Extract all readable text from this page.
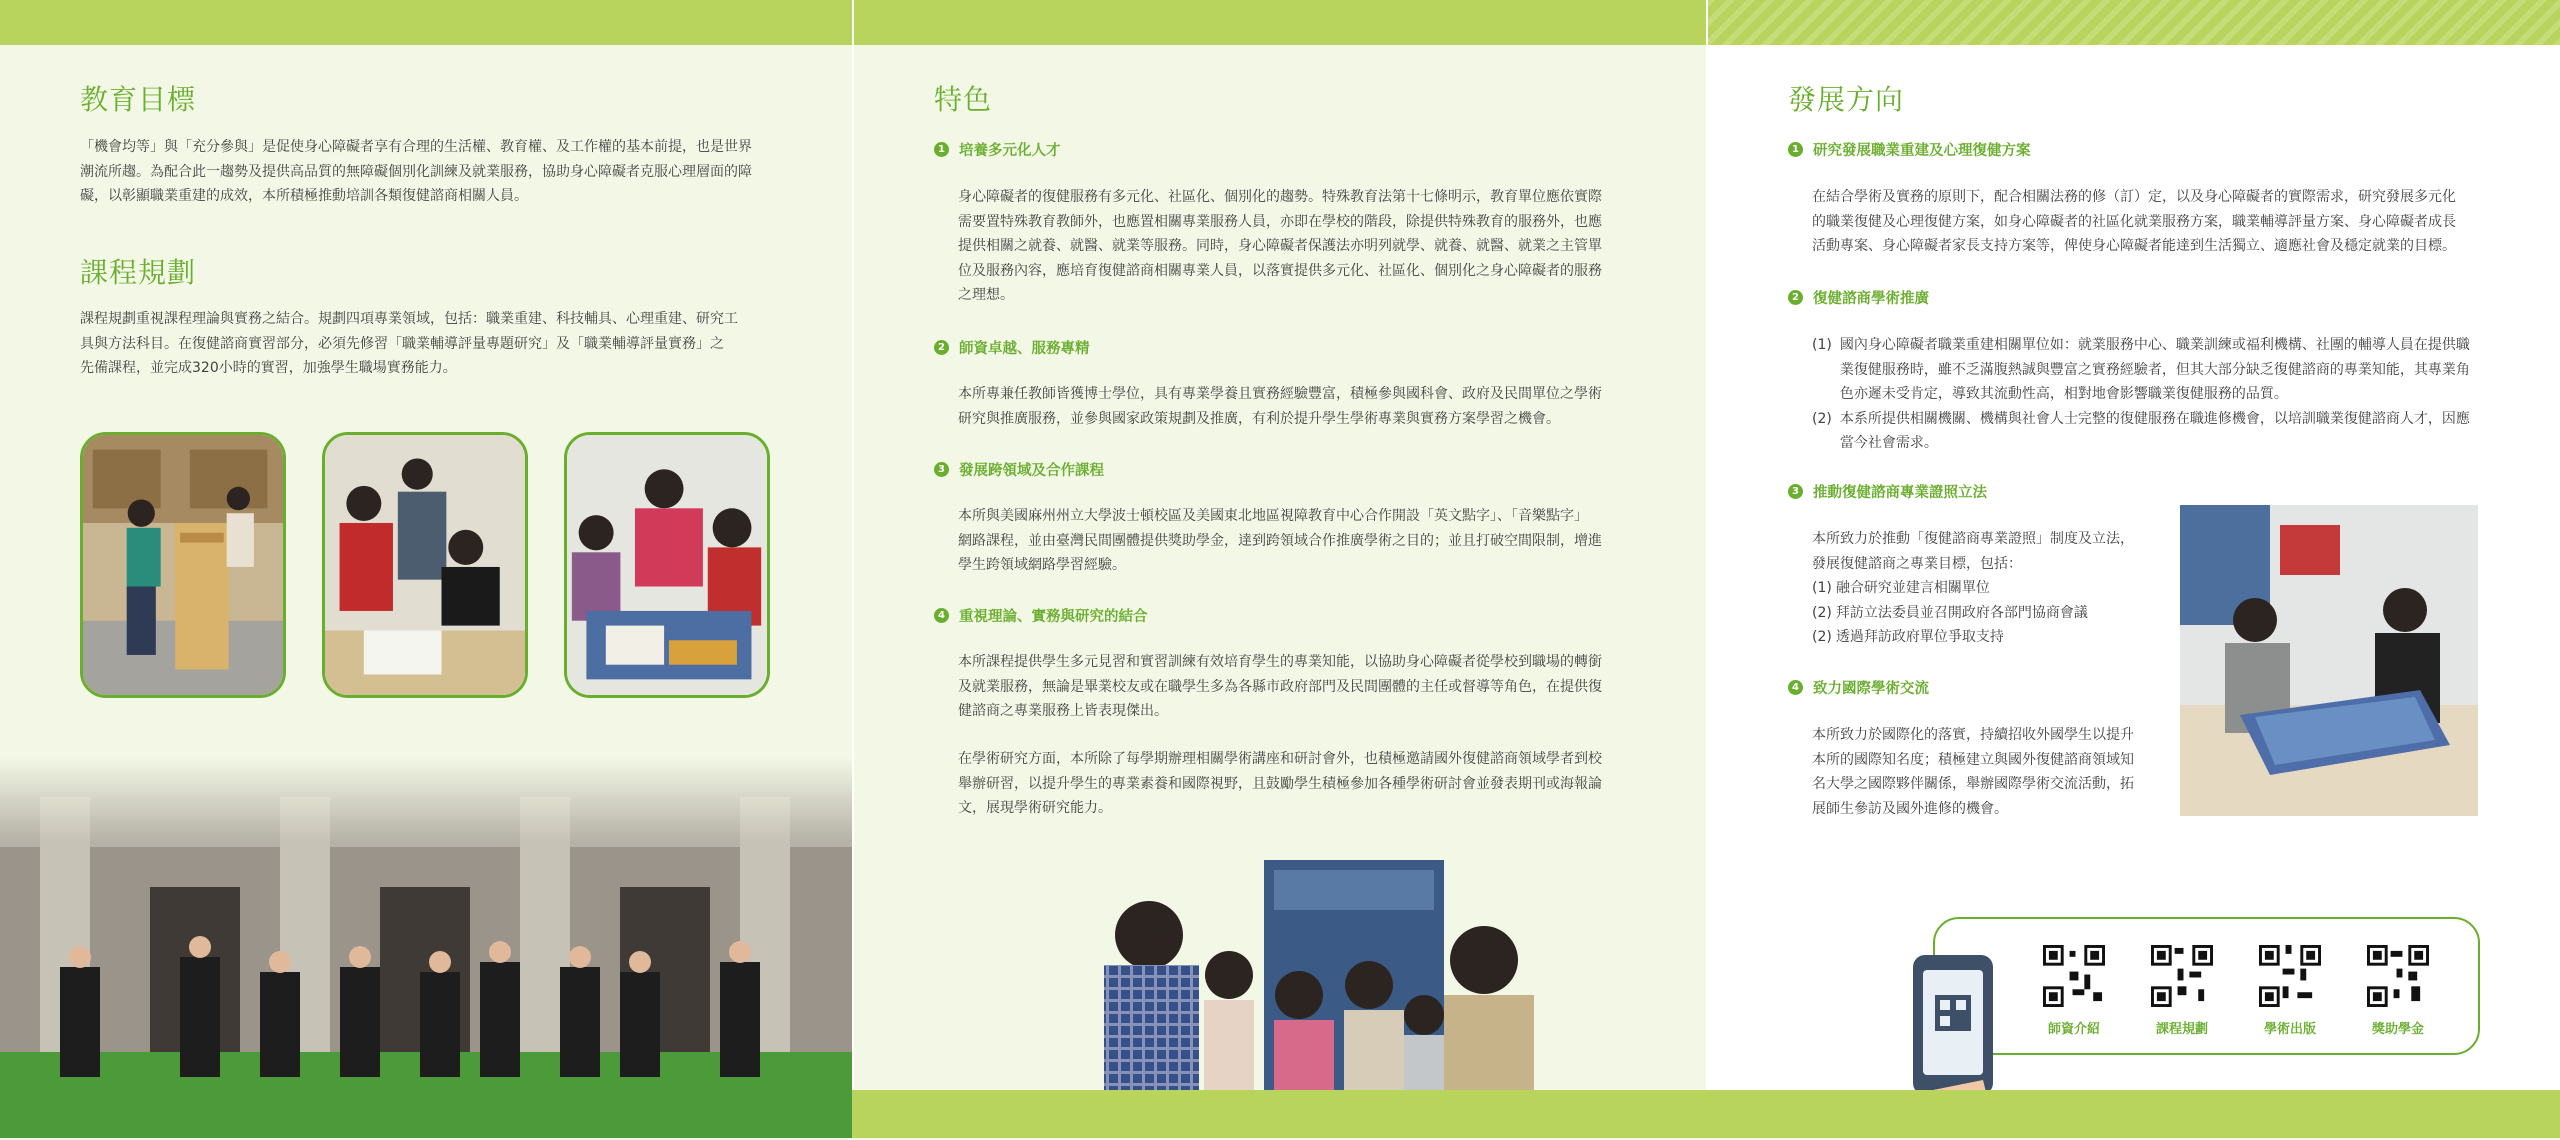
教育目標
「機會均等」與「充分參與」是促使身心障礙者享有合理的生活權、教育權、及工作權的基本前提，也是世界
潮流所趨。為配合此一趨勢及提供高品質的無障礙個別化訓練及就業服務，協助身心障礙者克服心理層面的障
礙，以彰顯職業重建的成效，本所積極推動培訓各類復健諮商相關人員。
課程規劃
課程規劃重視課程理論與實務之結合。規劃四項專業領域，包括：職業重建、科技輔具、心理重建、研究工
具與方法科目。在復健諮商實習部分，必須先修習「職業輔導評量專題研究」及「職業輔導評量實務」之
先備課程，並完成320小時的實習，加強學生職場實務能力。
特色
1 培養多元化人才
身心障礙者的復健服務有多元化、社區化、個別化的趨勢。特殊教育法第十七條明示，教育單位應依實際
需要置特殊教育教師外，也應置相關專業服務人員，亦即在學校的階段，除提供特殊教育的服務外，也應
提供相關之就養、就醫、就業等服務。同時，身心障礙者保護法亦明列就學、就養、就醫、就業之主管單
位及服務內容，應培育復健諮商相關專業人員，以落實提供多元化、社區化、個別化之身心障礙者的服務
之理想。
2 師資卓越、服務專精
本所專兼任教師皆獲博士學位，具有專業學養且實務經驗豐富，積極參與國科會、政府及民間單位之學術
研究與推廣服務，並參與國家政策規劃及推廣，有利於提升學生學術專業與實務方案學習之機會。
3 發展跨領域及合作課程
本所與美國麻州州立大學波士頓校區及美國東北地區視障教育中心合作開設「英文點字」、「音樂點字」
網路課程，並由臺灣民間團體提供獎助學金，達到跨領域合作推廣學術之目的；並且打破空間限制，增進
學生跨領域網路學習經驗。
4 重視理論、實務與研究的結合
本所課程提供學生多元見習和實習訓練有效培育學生的專業知能，以協助身心障礙者從學校到職場的轉銜
及就業服務，無論是畢業校友或在職學生多為各縣市政府部門及民間團體的主任或督導等角色，在提供復
健諮商之專業服務上皆表現傑出。
在學術研究方面，本所除了每學期辦理相關學術講座和研討會外，也積極邀請國外復健諮商領域學者到校
舉辦研習，以提升學生的專業素養和國際視野，且鼓勵學生積極參加各種學術研討會並發表期刊或海報論
文，展現學術研究能力。
發展方向
1 研究發展職業重建及心理復健方案
在結合學術及實務的原則下，配合相關法務的修（訂）定，以及身心障礙者的實際需求，研究發展多元化
的職業復健及心理復健方案，如身心障礙者的社區化就業服務方案，職業輔導評量方案、身心障礙者成長
活動專案、身心障礙者家長支持方案等，俾使身心障礙者能達到生活獨立、適應社會及穩定就業的目標。
2 復健諮商學術推廣
(1) 國內身心障礙者職業重建相關單位如：就業服務中心、職業訓練或福利機構、社團的輔導人員在提供職
業復健服務時，雖不乏滿腹熱誠與豐富之實務經驗者，但其大部分缺乏復健諮商的專業知能，其專業角
色亦遲未受肯定，導致其流動性高，相對地會影響職業復健服務的品質。
(2) 本系所提供相關機關、機構與社會人士完整的復健服務在職進修機會，以培訓職業復健諮商人才，因應
當今社會需求。
3 推動復健諮商專業證照立法
本所致力於推動「復健諮商專業證照」制度及立法，
發展復健諮商之專業目標，包括：
(1) 融合研究並建言相關單位
(2) 拜訪立法委員並召開政府各部門協商會議
(2) 透過拜訪政府單位爭取支持
4 致力國際學術交流
本所致力於國際化的落實，持續招收外國學生以提升
本所的國際知名度；積極建立與國外復健諮商領域知
名大學之國際夥伴關係，舉辦國際學術交流活動，拓
展師生參訪及國外進修的機會。
師資介紹	課程規劃	學術出版	獎助學金
